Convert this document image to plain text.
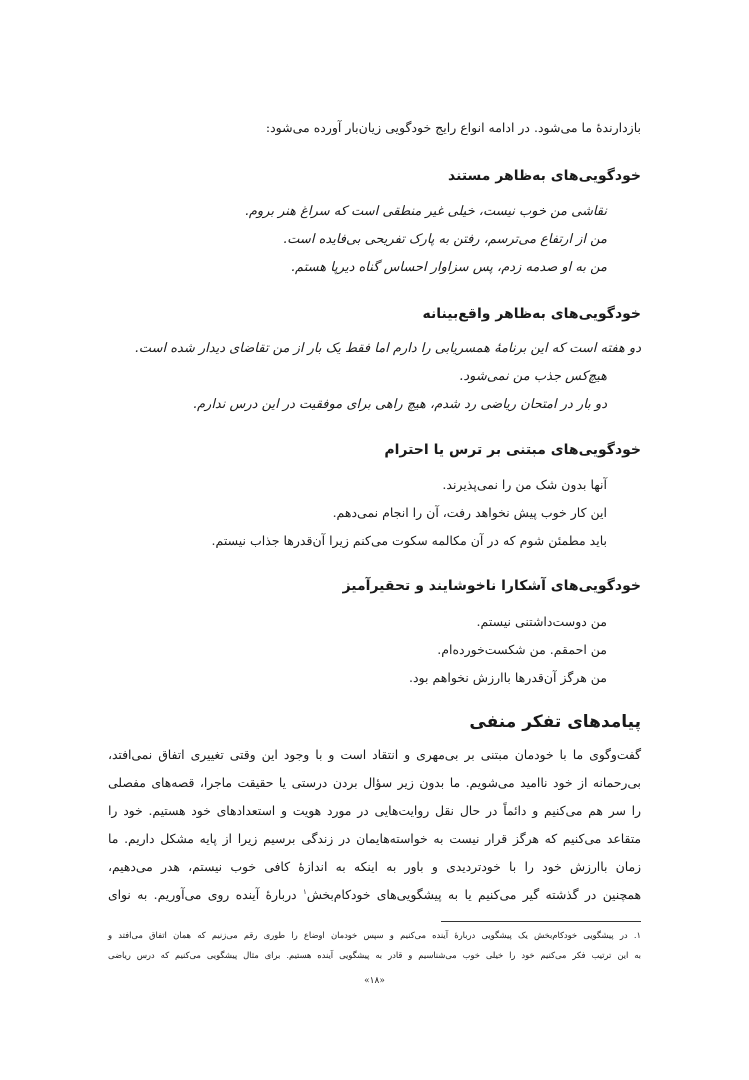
بازدارندهٔ ما می‌شود. در ادامه انواع رایج خودگویی زیان‌بار آورده می‌شود:
خودگویی‌های به‌ظاهر مستند
نقاشی من خوب نیست، خیلی غیر منطقی است که سراغ هنر بروم.
من از ارتفاع می‌ترسم، رفتن به پارک تفریحی بی‌فایده است.
من به او صدمه زدم، پس سزاوار احساس گناه دیرپا هستم.
خودگویی‌های به‌ظاهر واقع‌بینانه
دو هفته است که این برنامهٔ همسریابی را دارم اما فقط یک بار از من تقاضای دیدار شده است.
هیچ‌کس جذب من نمی‌شود.
دو بار در امتحان ریاضی رد شدم، هیچ راهی برای موفقیت در این درس ندارم.
خودگویی‌های مبتنی بر ترس یا احترام
آنها بدون شک من را نمی‌پذیرند.
این کار خوب پیش نخواهد رفت، آن را انجام نمی‌دهم.
باید مطمئن شوم که در آن مکالمه سکوت می‌کنم زیرا آن‌قدرها جذاب نیستم.
خودگویی‌های آشکارا ناخوشایند و تحقیرآمیز
من دوست‌داشتنی نیستم.
من احمقم. من شکست‌خورده‌ام.
من هرگز آن‌قدرها باارزش نخواهم بود.
پیامدهای تفکر منفی
گفت‌وگوی ما با خودمان مبتنی بر بی‌مهری و انتقاد است و با وجود این وقتی تغییری اتفاق نمی‌افتد،
بی‌رحمانه از خود ناامید می‌شویم. ما بدون زیر سؤال بردن درستی یا حقیقت ماجرا، قصه‌های مفصلی
را سر هم می‌کنیم و دائماً در حال نقل روایت‌هایی در مورد هویت و استعدادهای خود هستیم. خود را
متقاعد می‌کنیم که هرگز قرار نیست به خواسته‌هایمان در زندگی برسیم زیرا از پایه مشکل داریم. ما
زمان باارزش خود را با خودتردیدی و باور به اینکه به اندازهٔ کافی خوب نیستم، هدر می‌دهیم،
همچنین در گذشته گیر می‌کنیم یا به پیشگویی‌های خودکام‌بخش$^۱$ دربارهٔ آینده روی می‌آوریم. به نوای
۱. در پیشگویی خودکام‌بخش یک پیشگویی دربارهٔ آینده می‌کنیم و سپس خودمان اوضاع را طوری رقم می‌زنیم که همان اتفاق می‌افتد و
به این ترتیب فکر می‌کنیم خود را خیلی خوب می‌شناسیم و قادر به پیشگویی آینده هستیم. برای مثال پیشگویی می‌کنیم که درس ریاضی
«۱۸»
